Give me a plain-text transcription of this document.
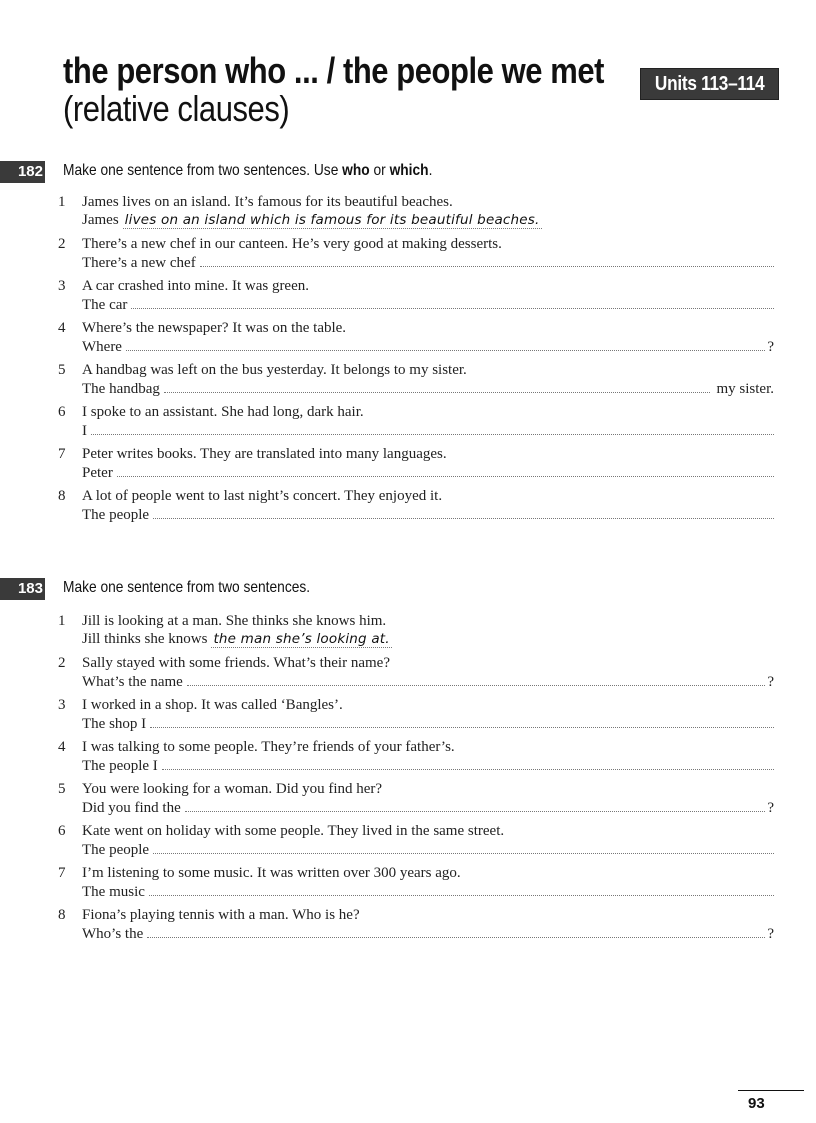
the person who ... / the people we met
(relative clauses)
Units 113–114
182 Make one sentence from two sentences. Use who or which.
1	James lives on an island. It’s famous for its beautiful beaches.
James lives on an island which is famous for its beautiful beaches.
2	There’s a new chef in our canteen. He’s very good at making desserts.
There’s a new chef
3	A car crashed into mine. It was green.
The car
4	Where’s the newspaper? It was on the table.
Where	?
5	A handbag was left on the bus yesterday. It belongs to my sister.
The handbag	my sister.
6	I spoke to an assistant. She had long, dark hair.
I
7	Peter writes books. They are translated into many languages.
Peter
8	A lot of people went to last night’s concert. They enjoyed it.
The people
183 Make one sentence from two sentences.
1	Jill is looking at a man. She thinks she knows him.
Jill thinks she knows the man she’s looking at.
2	Sally stayed with some friends. What’s their name?
What’s the name	?
3	I worked in a shop. It was called ‘Bangles’.
The shop I
4	I was talking to some people. They’re friends of your father’s.
The people I
5	You were looking for a woman. Did you find her?
Did you find the	?
6	Kate went on holiday with some people. They lived in the same street.
The people
7	I’m listening to some music. It was written over 300 years ago.
The music
8	Fiona’s playing tennis with a man. Who is he?
Who’s the	?
93
